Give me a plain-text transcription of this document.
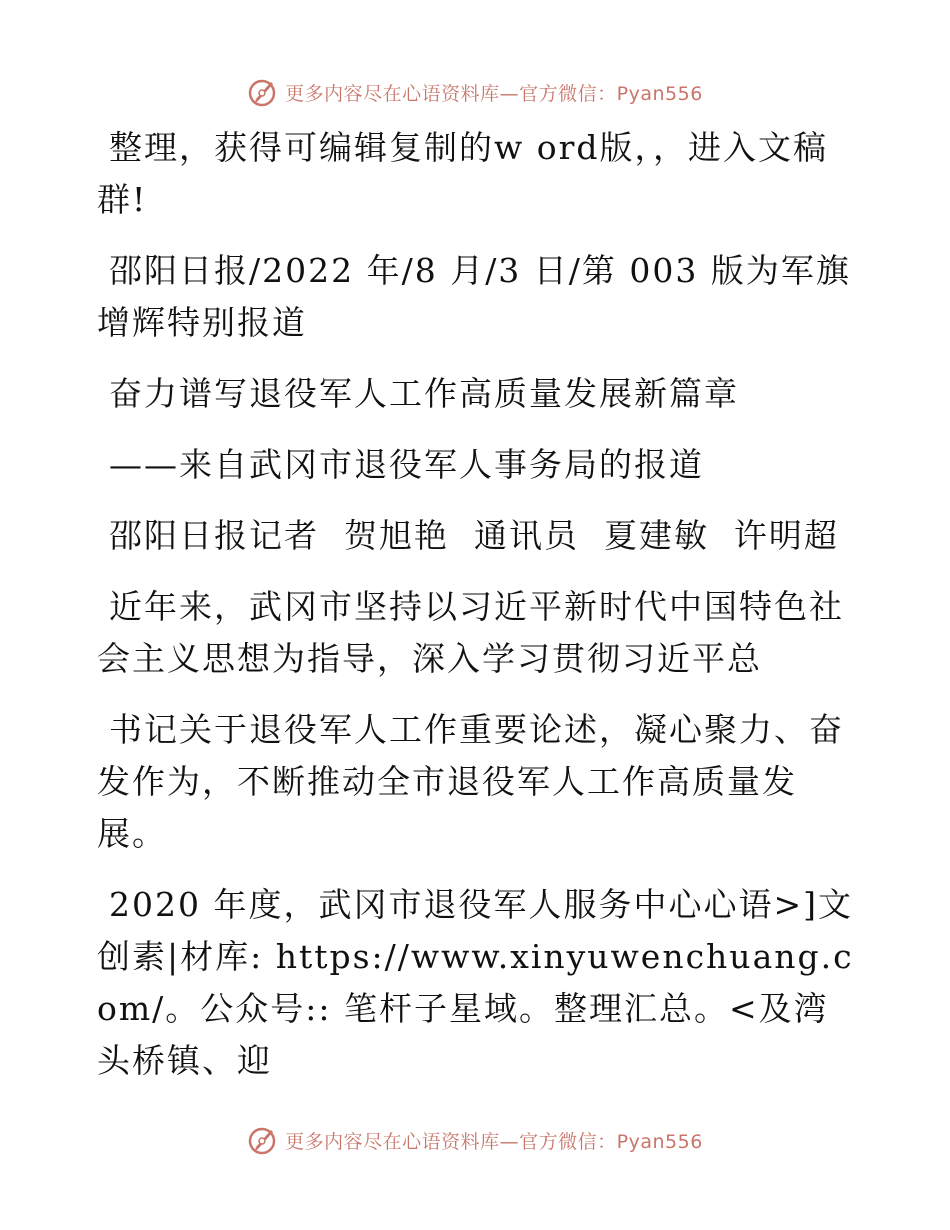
更多内容尽在心语资料库—官方微信：Pyan556

整理，获得可编辑复制的w ord版，，进入文稿群!

邵阳日报/2022 年/8 月/3 日/第 003 版为军旗增辉特别报道

奋力谱写退役军人工作高质量发展新篇章

——来自武冈市退役军人事务局的报道

邵阳日报记者  贺旭艳  通讯员  夏建敏  许明超

近年来，武冈市坚持以习近平新时代中国特色社会主义思想为指导，深入学习贯彻习近平总

书记关于退役军人工作重要论述，凝心聚力、奋发作为，不断推动全市退役军人工作高质量发展。

2020 年度，武冈市退役军人服务中心心语>]文创素|材库: https://www.xinyuwenchuang.com/。公众号:: 笔杆子星域。整理汇总。<及湾头桥镇、迎

更多内容尽在心语资料库—官方微信：Pyan556
